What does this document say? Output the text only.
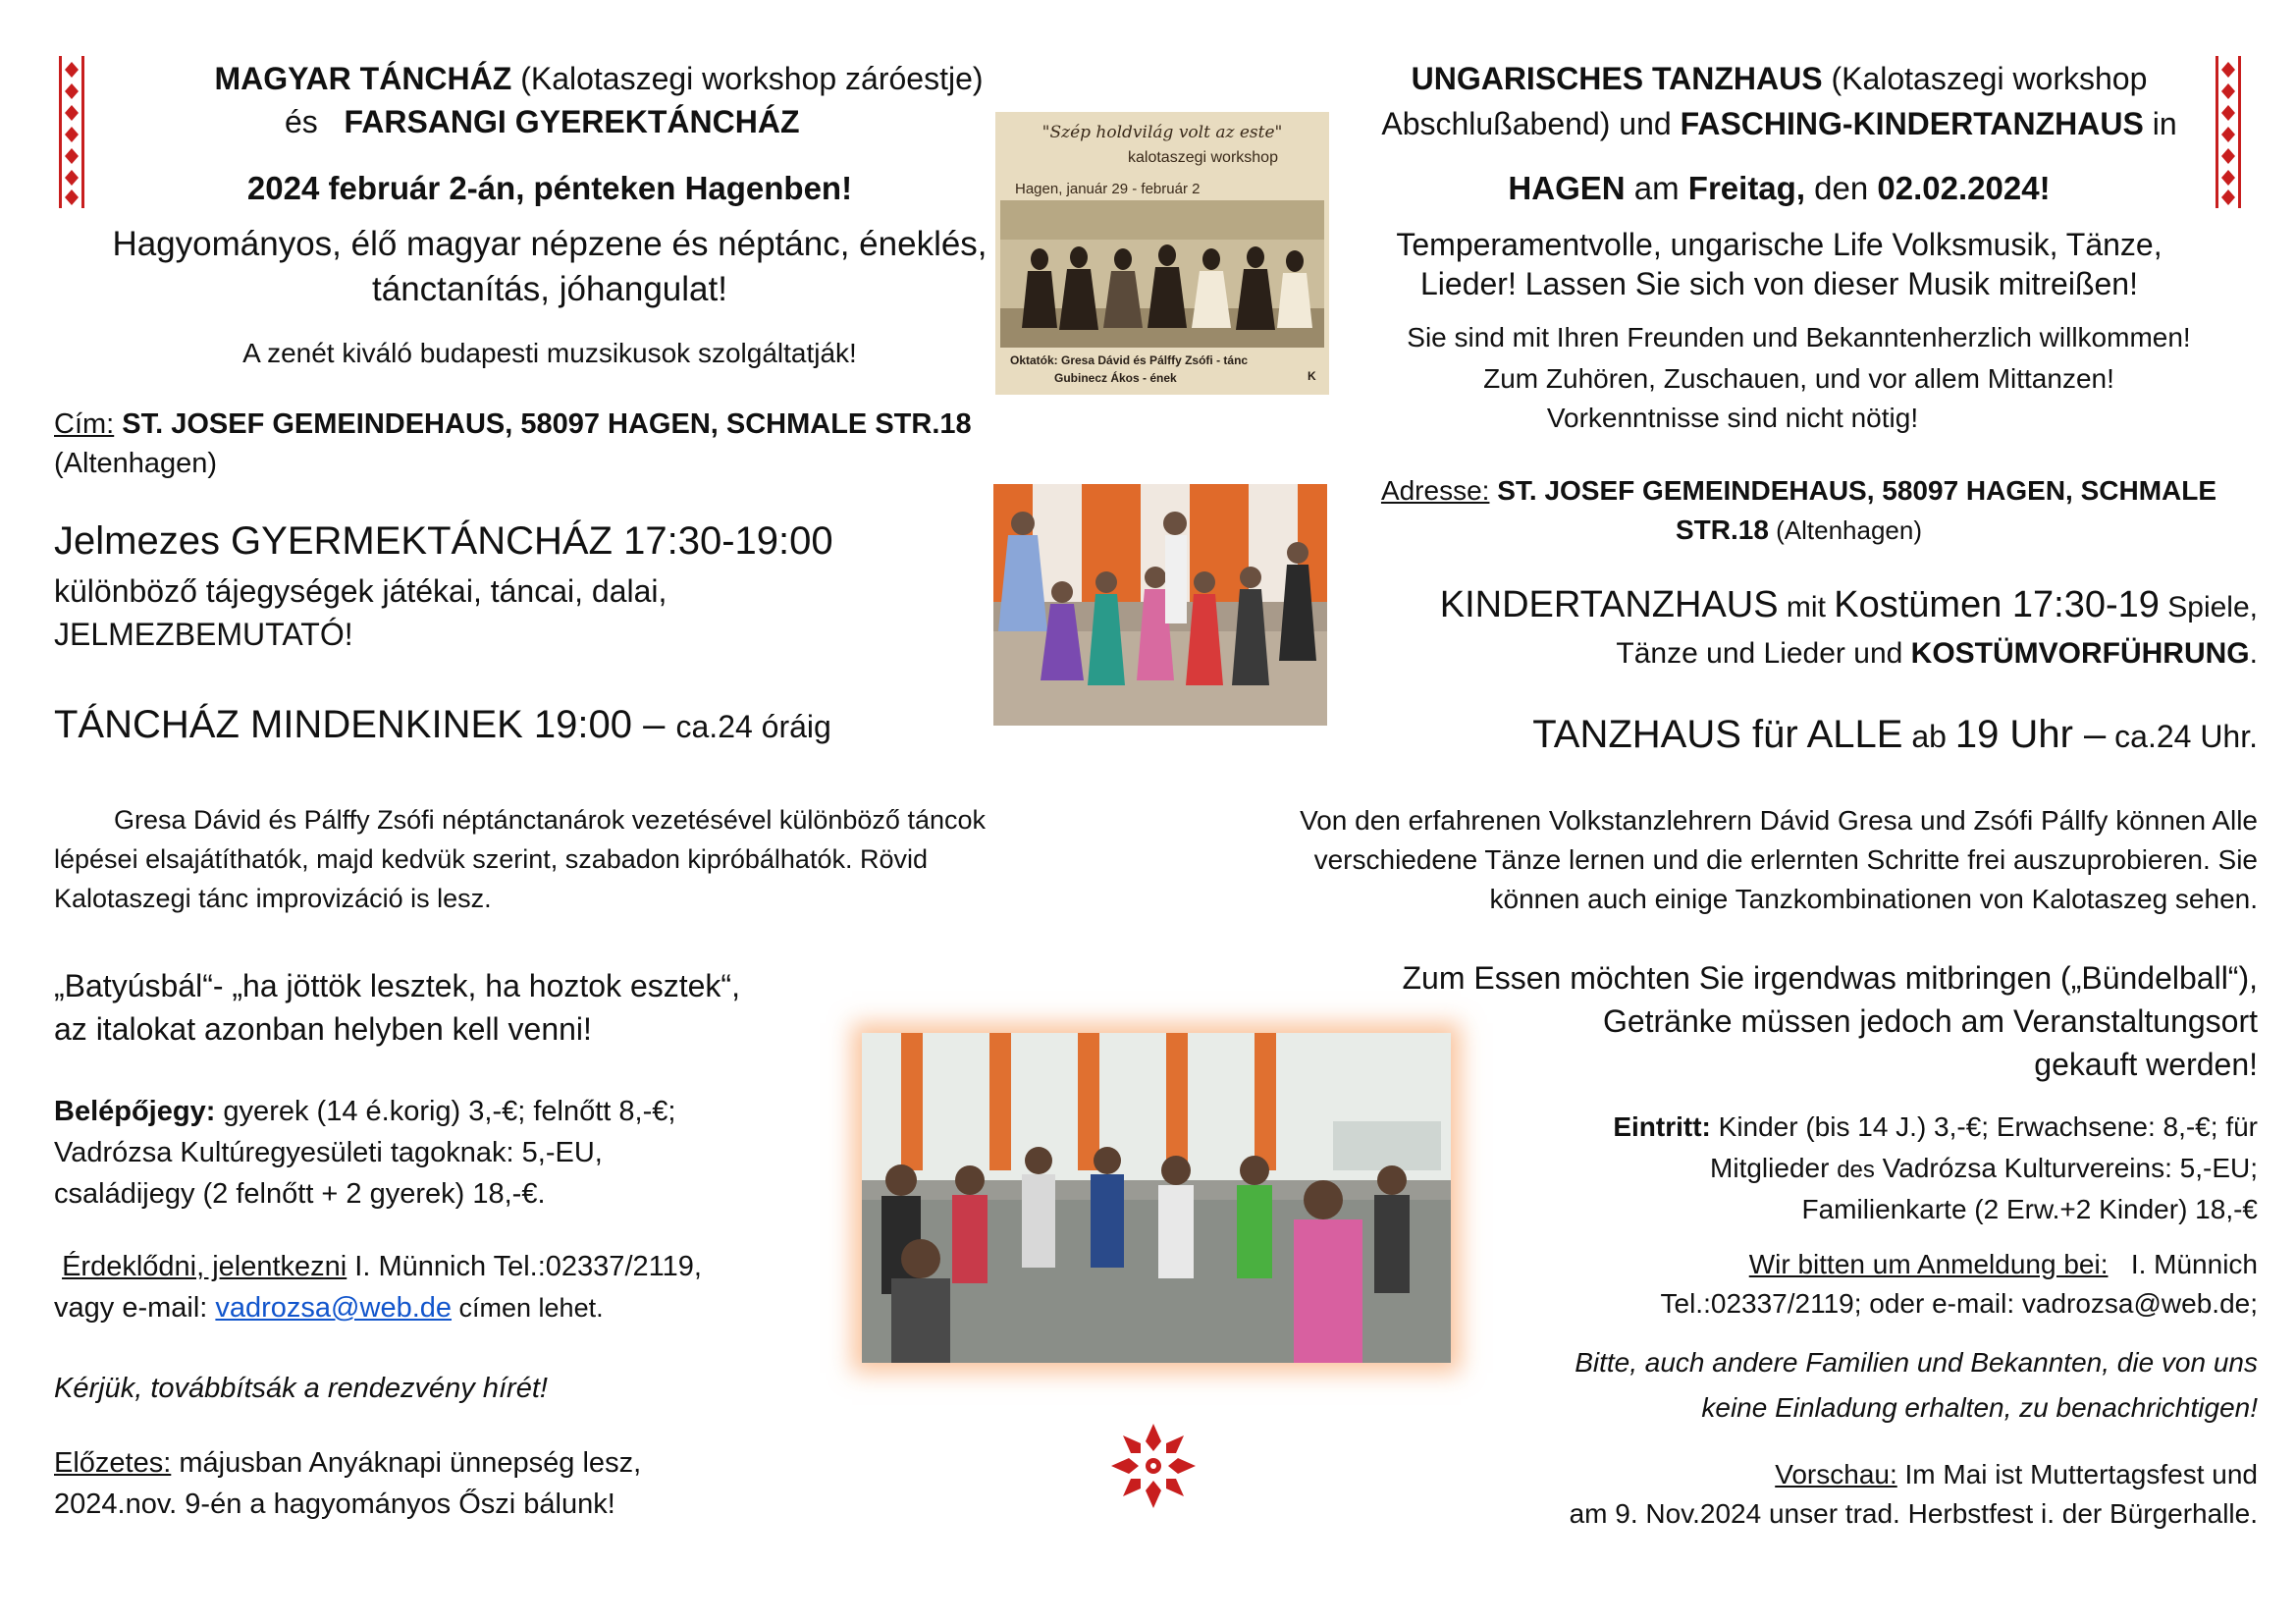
MAGYAR TÁNCHÁZ (Kalotaszegi workshop záróestje)

és FARSANGI GYEREKTÁNCHÁZ

2024 február 2-án, pénteken Hagenben!

Hagyományos, élő magyar népzene és néptánc, éneklés,

tánctanítás, jóhangulat!

A zenét kiváló budapesti muzsikusok szolgáltatják!

Cím: ST. JOSEF GEMEINDEHAUS, 58097 HAGEN, SCHMALE STR.18

(Altenhagen)

Jelmezes GYERMEKTÁNCHÁZ 17:30-19:00

különböző tájegységek játékai, táncai, dalai,

JELMEZBEMUTATÓ!

TÁNCHÁZ MINDENKINEK 19:00 – ca.24 óráig

Gresa Dávid és Pálffy Zsófi néptánctanárok vezetésével különböző táncok

lépései elsajátíthatók, majd kedvük szerint, szabadon kipróbálhatók. Rövid

Kalotaszegi tánc improvizáció is lesz.

„Batyúsbál“- „ha jöttök lesztek, ha hoztok esztek“,

az italokat azonban helyben kell venni!

Belépőjegy: gyerek (14 é.korig) 3,-€; felnőtt 8,-€;

Vadrózsa Kultúregyesületi tagoknak: 5,-EU,

családijegy (2 felnőtt + 2 gyerek) 18,-€.

Érdeklődni, jelentkezni I. Münnich Tel.:02337/2119,

vagy e-mail: vadrozsa@web.de címen lehet.

Kérjük, továbbítsák a rendezvény hírét!

Előzetes: májusban Anyáknapi ünnepség lesz,

2024.nov. 9-én a hagyományos Őszi bálunk!

"Szép holdvilág volt az este"
kalotaszegi workshop
Hagen, január 29 - február 2
Oktatók: Gresa Dávid és Pálffy Zsófi - tánc
Gubinecz Ákos - ének	K

UNGARISCHES TANZHAUS (Kalotaszegi workshop

Abschlußabend) und FASCHING-KINDERTANZHAUS in

HAGEN am Freitag, den 02.02.2024!

Temperamentvolle, ungarische Life Volksmusik, Tänze,

Lieder! Lassen Sie sich von dieser Musik mitreißen!

Sie sind mit Ihren Freunden und Bekanntenherzlich willkommen!

Zum Zuhören, Zuschauen, und vor allem Mittanzen!

Vorkenntnisse sind nicht nötig!

Adresse: ST. JOSEF GEMEINDEHAUS, 58097 HAGEN, SCHMALE

STR.18 (Altenhagen)

KINDERTANZHAUS mit Kostümen 17:30-19 Spiele,

Tänze und Lieder und KOSTÜMVORFÜHRUNG.

TANZHAUS für ALLE ab 19 Uhr – ca.24 Uhr.

Von den erfahrenen Volkstanzlehrern Dávid Gresa und Zsófi Pállfy können Alle

verschiedene Tänze lernen und die erlernten Schritte frei auszuprobieren. Sie

können auch einige Tanzkombinationen von Kalotaszeg sehen.

Zum Essen möchten Sie irgendwas mitbringen („Bündelball“),

Getränke müssen jedoch am Veranstaltungsort

gekauft werden!

Eintritt: Kinder (bis 14 J.) 3,-€; Erwachsene: 8,-€; für

Mitglieder des Vadrózsa Kulturvereins: 5,-EU;

Familienkarte (2 Erw.+2 Kinder) 18,-€

Wir bitten um Anmeldung bei:   I. Münnich

Tel.:02337/2119; oder e-mail: vadrozsa@web.de;

Bitte, auch andere Familien und Bekannten, die von uns

keine Einladung erhalten, zu benachrichtigen!

Vorschau: Im Mai ist Muttertagsfest und

am 9. Nov.2024 unser trad. Herbstfest i. der Bürgerhalle.
